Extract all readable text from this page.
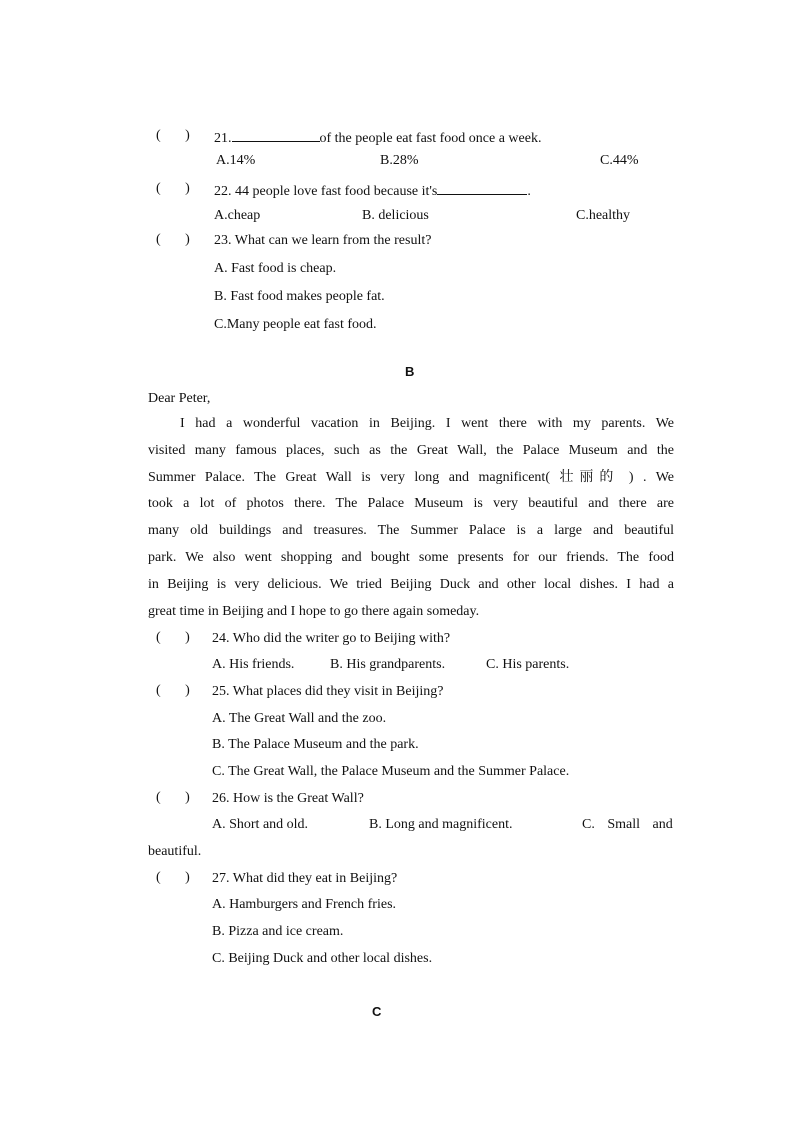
(       ) 21.	of the people eat fast food once a week.
A.14%	B.28%	C.44%
(       ) 22. 44 people love fast food because it's	.
A.cheap	B. delicious	C.healthy
(       ) 23. What can we learn from the result?
A. Fast food is cheap.
B. Fast food makes people fat.
C.Many people eat fast food.
B
Dear Peter,
I had a wonderful vacation in Beijing. I went there with my parents. We
visited many famous places, such as the Great Wall, the Palace Museum and the
Summer Palace. The Great Wall is very long and magnificent( 壮丽的 ) . We
took a lot of photos there. The Palace Museum is very beautiful and there are
many old buildings and treasures. The Summer Palace is a large and beautiful
park. We also went shopping and bought some presents for our friends. The food
in Beijing is very delicious. We tried Beijing Duck and other local dishes. I had a
great time in Beijing and I hope to go there again someday.
(       ) 24. Who did the writer go to Beijing with?
A. His friends.	B. His grandparents.	C. His parents.
(       ) 25. What places did they visit in Beijing?
A. The Great Wall and the zoo.
B. The Palace Museum and the park.
C. The Great Wall, the Palace Museum and the Summer Palace.
(       ) 26. How is the Great Wall?
A. Short and old.	B. Long and magnificent.	C. Small and
beautiful.
(       ) 27. What did they eat in Beijing?
A. Hamburgers and French fries.
B. Pizza and ice cream.
C. Beijing Duck and other local dishes.
C
